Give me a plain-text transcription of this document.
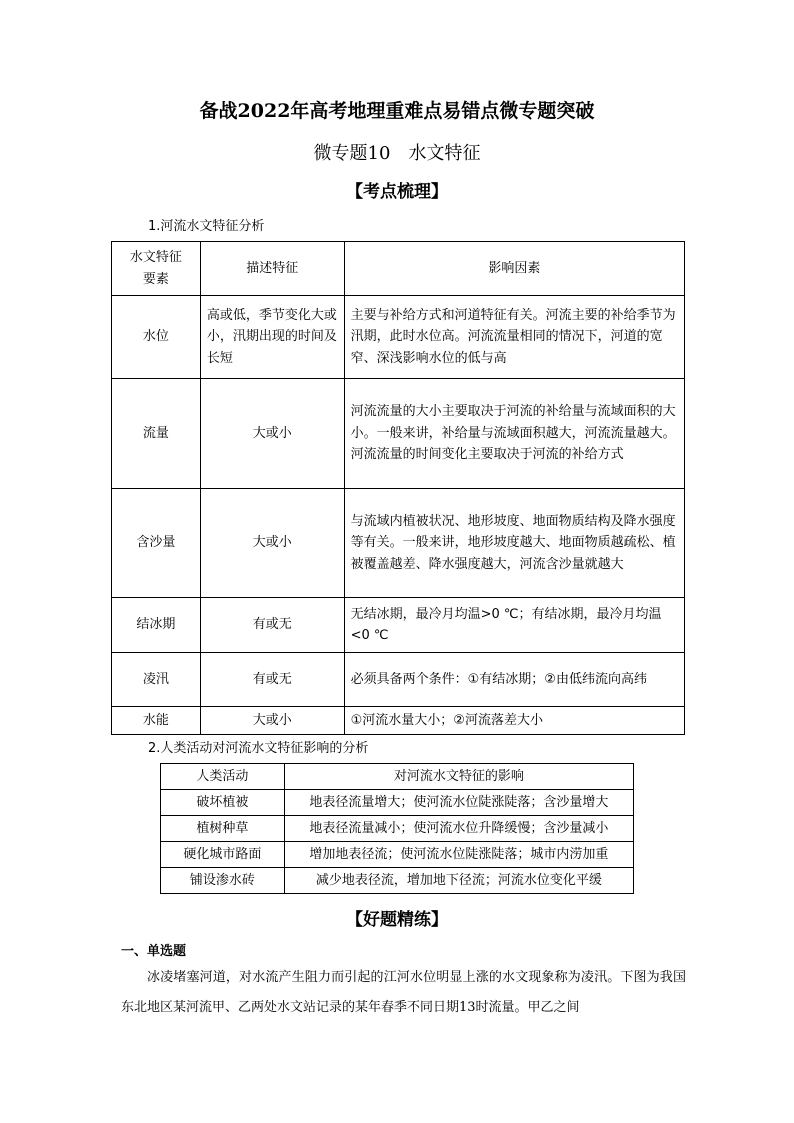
备战2022年高考地理重难点易错点微专题突破
微专题10　水文特征
【考点梳理】
1.河流水文特征分析
水文特征要素	描述特征	影响因素
水位	高或低，季节变化大或小，汛期出现的时间及长短	主要与补给方式和河道特征有关。河流主要的补给季节为汛期，此时水位高。河流流量相同的情况下，河道的宽窄、深浅影响水位的低与高
流量	大或小	河流流量的大小主要取决于河流的补给量与流域面积的大小。一般来讲，补给量与流域面积越大，河流流量越大。河流流量的时间变化主要取决于河流的补给方式
含沙量	大或小	与流域内植被状况、地形坡度、地面物质结构及降水强度等有关。一般来讲，地形坡度越大、地面物质越疏松、植被覆盖越差、降水强度越大，河流含沙量就越大
结冰期	有或无	无结冰期，最冷月均温>0 ℃；有结冰期，最冷月均温<0 ℃
凌汛	有或无	必须具备两个条件：①有结冰期；②由低纬流向高纬
水能	大或小	①河流水量大小；②河流落差大小
2.人类活动对河流水文特征影响的分析
人类活动	对河流水文特征的影响
破坏植被	地表径流量增大；使河流水位陡涨陡落；含沙量增大
植树种草	地表径流量减小；使河流水位升降缓慢；含沙量减小
硬化城市路面	增加地表径流；使河流水位陡涨陡落；城市内涝加重
铺设渗水砖	减少地表径流，增加地下径流；河流水位变化平缓
【好题精练】
一、单选题
冰凌堵塞河道，对水流产生阻力而引起的江河水位明显上涨的水文现象称为凌汛。下图为我国东北地区某河流甲、乙两处水文站记录的某年春季不同日期13时流量。甲乙之间
